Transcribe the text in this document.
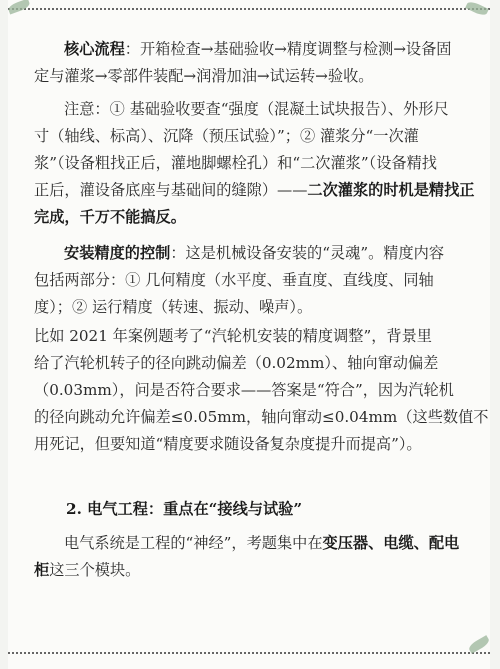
核心流程：开箱检查→基础验收→精度调整与检测→设备固
定与灌浆→零部件装配→润滑加油→试运转→验收。
注意：① 基础验收要查“强度（混凝土试块报告）、外形尺
寸（轴线、标高）、沉降（预压试验）”；② 灌浆分“一次灌
浆”（设备粗找正后，灌地脚螺栓孔）和“二次灌浆”（设备精找
正后，灌设备底座与基础间的缝隙）——二次灌浆的时机是精找正
完成，千万不能搞反。
安装精度的控制：这是机械设备安装的“灵魂”。精度内容
包括两部分：① 几何精度（水平度、垂直度、直线度、同轴
度）；② 运行精度（转速、振动、噪声）。
比如 2021 年案例题考了“汽轮机安装的精度调整”，背景里
给了汽轮机转子的径向跳动偏差（0.02mm）、轴向窜动偏差
（0.03mm），问是否符合要求——答案是“符合”，因为汽轮机
的径向跳动允许偏差≤0.05mm，轴向窜动≤0.04mm（这些数值不
用死记，但要知道“精度要求随设备复杂度提升而提高”）。
2. 电气工程：重点在“接线与试验”
电气系统是工程的“神经”，考题集中在变压器、电缆、配电
柜这三个模块。
